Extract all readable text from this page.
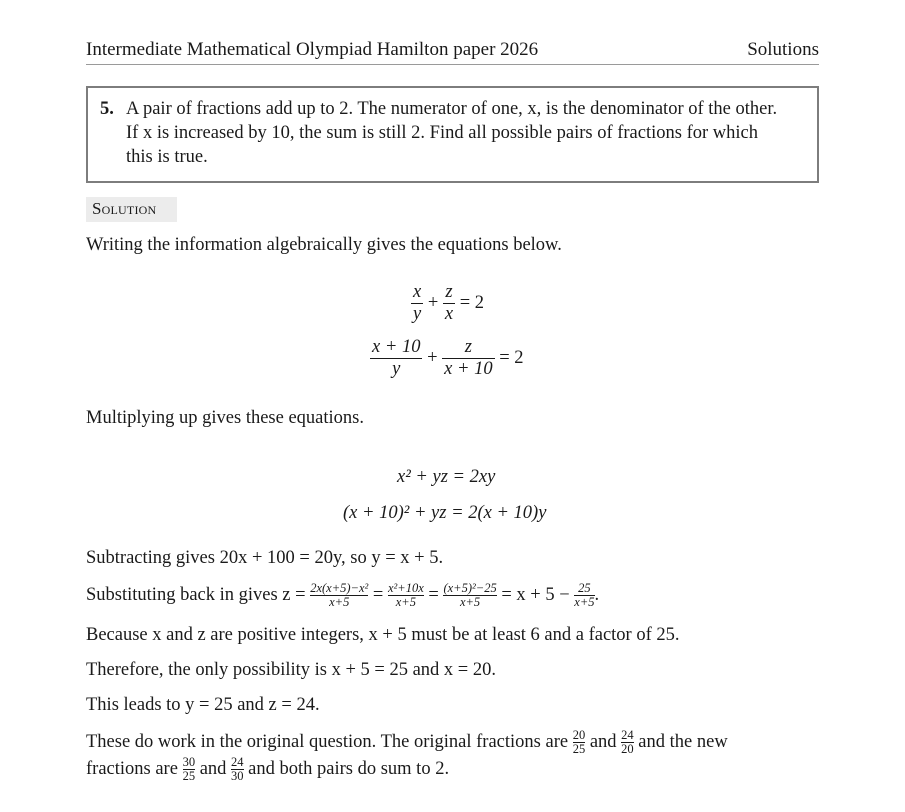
Intermediate Mathematical Olympiad Hamilton paper 2026	Solutions
5. A pair of fractions add up to 2. The numerator of one, x, is the denominator of the other.
If x is increased by 10, the sum is still 2. Find all possible pairs of fractions for which
this is true.
Solution
Writing the information algebraically gives the equations below.
$\frac{x}{y} + \frac{z}{x} = 2$
$\frac{x + 10}{y} + \frac{z}{x + 10} = 2$
Multiplying up gives these equations.
x² + yz = 2xy
(x + 10)² + yz = 2(x + 10)y
Subtracting gives 20x + 100 = 20y, so y = x + 5.
Substituting back in gives $z = \frac{\text{2x(x+5)−x²}}{x+5} = \frac{\text{x²+10x}}{x+5} = \frac{\text{(x+5)²−25}}{x+5} = x + 5 - \frac{25}{x+5}$.
Because x and z are positive integers, x + 5 must be at least 6 and a factor of 25.
Therefore, the only possibility is x + 5 = 25 and x = 20.
This leads to y = 25 and z = 24.
These do work in the original question. The original fractions are $\frac{20}{25}$ and $\frac{24}{20}$ and the new
fractions are $\frac{30}{25}$ and $\frac{24}{30}$ and both pairs do sum to 2.
